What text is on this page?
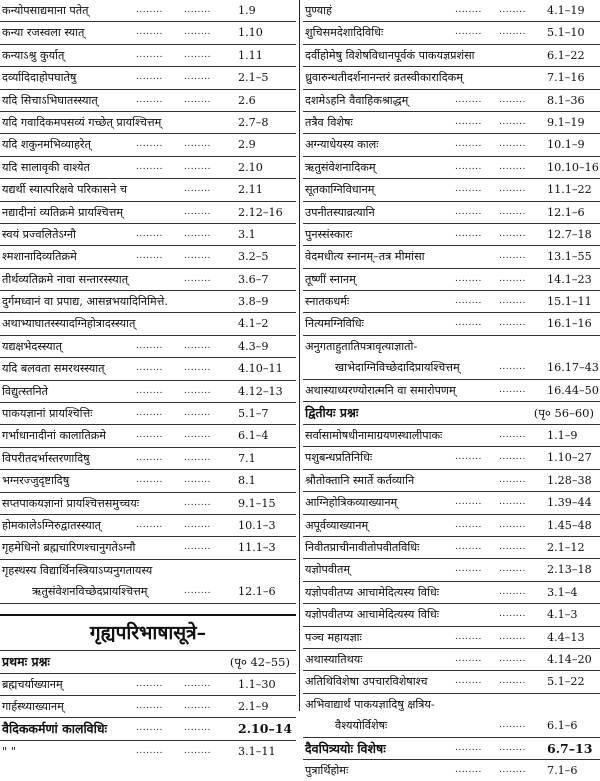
कन्योपसाद्यमाना पतेत्	........ ........ 1.9
कन्या रजस्वला स्यात्	........ ........ 1.10
कन्याऽश्रु कुर्यात्	........ ........ 1.11
दर्व्यादिदाहोपघातेषु	........ ........ 2.1–5
यदि सिचाऽभिघातस्स्यात्	........ ........ 2.6
यदि गवादिकमपसव्यं गच्छेत् प्रायश्चित्तम्	2.7–8
यदि शकुनमभिव्याहरेत्	........ ........ 2.9
यदि सालावृकी वाश्येत	........ ........ 2.10
यद्यर्थी स्यात्परिक्षवे परिकासने च	........ 2.11
नद्यादीनां व्यतिक्रमे प्रायश्चित्तम्	........ 2.12–16
स्वयं प्रज्वलितेऽग्नौ	........ ........ 3.1
श्मशानादिव्यतिक्रमे	........ ........ 3.2–5
तीर्थव्यतिक्रमे नावा सन्तारस्स्यात्	........ 3.6–7
दुर्गमध्वानं वा प्रपाद्य, आसन्नभयादिनिमित्ते.	3.8–9
अथाभ्याघातस्स्यादग्निहोत्रादस्स्यात्	4.1–2
यद्यक्षभेदस्स्यात्	........ ........ 4.3–9
यदि बलवता समरथस्स्यात्	........ ........ 4.10–11
विद्युत्स्तनिते	........ ........ 4.12–13
पाकयज्ञानां प्रायश्चित्तिः	........ ........ 5.1–7
गर्भाधानादीनां कालातिक्रमे	........ ........ 6.1–4
विपरीतदर्भास्तरणादिषु	........ ........ 7.1
भग्नरज्जुदृष्टादिषु	........ ........ 8.1
सप्तपाकयज्ञानां प्रायश्चित्तसमुच्चयः	........ 9.1–15
होमकालेऽग्निरुद्वातस्स्यात्	........ ........ 10.1–3
गृहमेधिनो ब्रह्मचारिणश्चानुगतेऽग्नौ	........ 11.1–3
गृहस्थस्य विद्यार्थिनस्त्रियाऽप्यनुगतायस्य
ऋतुसंवेशनविच्छेदप्रायश्चित्तम्	........ 12.1–6
गृह्यपरिभाषासूत्रे–
प्रथमः प्रश्नः	(पृ० 42–55)
ब्रह्मचर्याख्यानम्	........ ........ 1.1–30
गार्हस्थ्याख्यानम्	........ ........ 2.1–9
वैदिककर्मणां कालविधिः	........ ........ 2.10–14
" "	........ ........ 3.1–11
पुण्याहं	........ ........ 4.1–19
शुचिसमदेशादिविधिः	........ ........ 5.1–10
दर्वीहोमेषु विशेषविधानपूर्वकं पाकयज्ञप्रशंसा	6.1–22
ध्रुवारुन्धतीदर्शनानन्तरं व्रतस्वीकारादिकम्	7.1–16
दशमेऽहनि वैवाहिकश्राद्धम्	........ ........ 8.1–36
तत्रैव विशेषः	........ ........ 9.1–19
अग्न्याधेयस्य कालः	........ ........ 10.1–9
ऋतुसंवेशनादिकम्	........ ........ 10.10–16
सूतकाग्निविधानम्	........ ........ 11.1–22
उपनीतस्याव्रत्यानि	........ ........ 12.1–6
पुनस्संस्कारः	........ ........ 12.7–18
वेदमधीत्य स्नानम्–तत्र मीमांसा	........ 13.1–55
तूष्णीं स्नानम्	........ ........ 14.1–23
स्नातकधर्मः	........ ........ 15.1–11
नित्यमग्निविधिः	........ ........ 16.1–16
अनुगताहुतातिपत्रावृत्याज्ञातो-
खाभेदाग्निविच्छेदादिप्रायश्चित्तम्	........ 16.17–43
अथास्याध्यरण्योरात्मनि वा समारोपणम्	........ 16.44–50
द्वितीयः प्रश्नः	(पृ० 56–60)
सर्वासामोषधीनामाग्रयणस्थालीपाकः	........ 1.1–9
पशुबन्धप्रतिनिधिः	........ ........ 1.10–27
श्रौतोक्तानि स्मार्ते कर्तव्यानि	........ 1.28–38
आग्निहोत्रिकव्याख्यानम्	........ ........ 1.39–44
अपूर्वव्याख्यानम्	........ ........ 1.45–48
निवीतप्राचीनावीतोपवीतविधिः	........ ........ 2.1–12
यज्ञोपवीतम्	........ ........ 2.13–18
यज्ञोपवीतप्य आचामेदित्यस्य विधिः	........ 3.1–4
यज्ञोपवीतप्य आचामेदित्यस्य विधिः	........ 4.1–3
पञ्च महायज्ञाः	........ ........ 4.4–13
अथास्यातिथयः	........ ........ 4.14–20
अतिथिविशेषा उपचारविशेषाश्च	........ ........ 5.1–22
अभिवाद्यार्थं पाकयज्ञादिषु क्षत्रिय-
वैश्ययोर्विशेषः	........ 6.1–6
दैवपित्र्ययोः विशेषः	........ ........ 6.7–13
पुत्रार्थिहोमः	........ ........ 7.1–6
